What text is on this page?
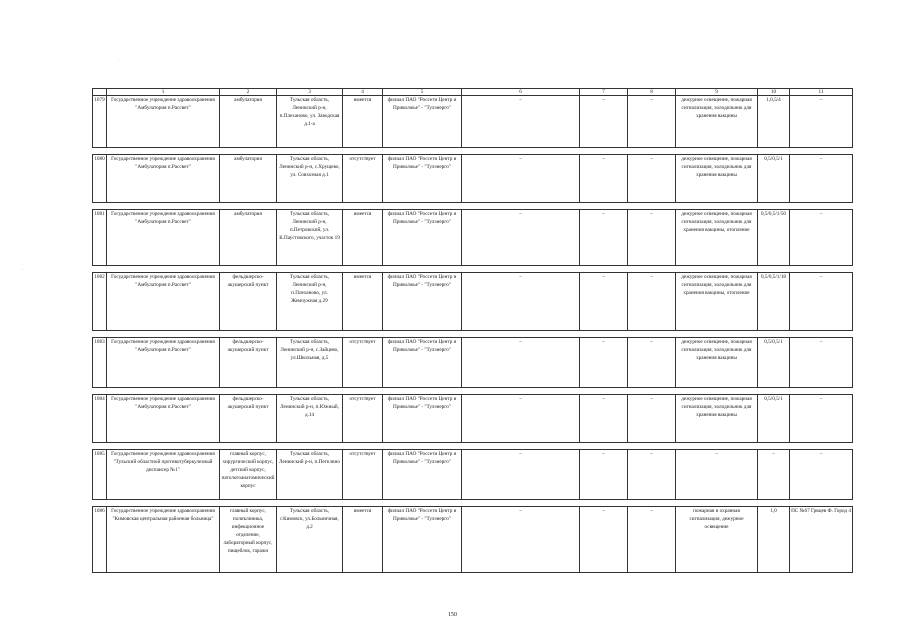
·
·
	1	2	3	4	5	6	7	8	9	10	11
1079	Государственное учреждение здравоохранения "Амбулатория п.Рассвет"	амбулатория	Тульская область, Ленинский р-н, п.Плеханово, ул. Заводская д.1-а	имеется	филиал ПАО "Россети Центр и Приволжье" - "Тулэнерго"	–	–	–	дежурное освещение, пожарная сигнализация, холодильник для хранения вакцины	1,0,5/4	–

1080	Государственное учреждение здравоохранения "Амбулатория п.Рассвет"	амбулатория	Тульская область, Ленинский р-н, с.Хрущево, ул. Совхозная д.1	отсутствует	филиал ПАО "Россети Центр и Приволжье" - "Тулэнерго"	–	–	–	дежурное освещение, пожарная сигнализация, холодильник для хранения вакцины	0,5/0,5/1	–

1081	Государственное учреждение здравоохранения "Амбулатория п.Рассвет"	амбулатория	Тульская область, Ленинский р-н, п.Петровский, ул. К.Паустовского, участок 19	имеется	филиал ПАО "Россети Центр и Приволжье" - "Тулэнерго"	–	–	–	дежурное освещение, пожарная сигнализация, холодильник для хранения вакцины, отопление	0,5/0,5/1/50	–

1082	Государственное учреждение здравоохранения "Амбулатория п.Рассвет"	фельдшерско-акушерский пункт	Тульская область, Ленинский р-н, п.Плеханово, ул. Жемчужная д.29	имеется	филиал ПАО "Россети Центр и Приволжье" - "Тулэнерго"	–	–	–	дежурное освещение, пожарная сигнализация, холодильник для хранения вакцины, отопление	0,5/0,5/1/18	–

1083	Государственное учреждение здравоохранения "Амбулатория п.Рассвет"	фельдшерско-акушерский пункт	Тульская область, Ленинский р-н, с.Зайцево, ул.Школьная, д.5	отсутствует	филиал ПАО "Россети Центр и Приволжье" - "Тулэнерго"	–	–	–	дежурное освещение, пожарная сигнализация, холодильник для хранения вакцины	0,5/0,5/1	–

1084	Государственное учреждение здравоохранения "Амбулатория п.Рассвет"	фельдшерско-акушерский пункт	Тульская область, Ленинский р-н, п.Южный, д.14	отсутствует	филиал ПАО "Россети Центр и Приволжье" - "Тулэнерго"	–	–	–	дежурное освещение, пожарная сигнализация, холодильник для хранения вакцины	0,5/0,5/1	–

1085	Государственное учреждение здравоохранения "Тульский областной противотуберкулезный диспансер №1"	главный корпус, хирургический корпус, детский корпус, патологоанатомический корпус	Тульская область, Ленинский р-н, п.Петелино	отсутствует	филиал ПАО "Россети Центр и Приволжье" - "Тулэнерго"	–	–	–	–	–	–

1086	Государственное учреждение здравоохранения "Кимовская центральная районная больница"	главный корпус, поликлиника, инфекционное отделение, лабораторный корпус, пищеблок, гаражи	Тульская область, г.Кимовск, ул.Больничная, д.2	имеется	филиал ПАО "Россети Центр и Приволжье" - "Тулэнерго"	–	–	–	пожарная и охранная сигнализация, дежурное освещение	1,0	ПС №67 Грвцев Ф. Город 4
150
